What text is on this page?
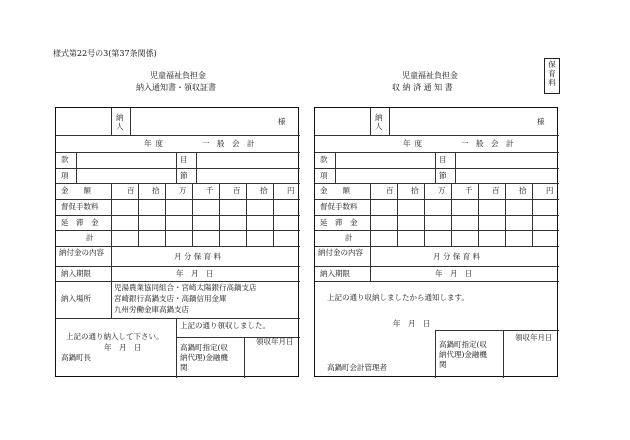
様式第22号の3(第37条関係)
保
育
料
児童福祉負担金
納入通知書・領収証書
納人
様
年度	一　般　会　計
款	目
項	節
金　　額	百 拾	万	千	百	拾	円
督促手数料
延　滞　金
計
納付金の内容	月 分 保 育 料
納入期限	年　月　日
納入場所
児湯農業協同組合・宮崎太陽銀行高鍋支店
宮崎銀行高鍋支店・高鍋信用金庫
九州労働金庫高鍋支店
上記の通り納入して下さい。
年　月　日
高鍋町長
上記の通り領収しました。
領収年月日
高鍋町指定(収
納代理)金融機
関
児童福祉負担金
収 納 済 通 知 書
納人
様
年度	一　般　会　計
款	目
項	節
金　　額	百 拾	万	千	百	拾	円
督促手数料
延　滞　金
計
納付金の内容	月 分 保 育 料
納入期限	年　月　日
上記の通り収納しましたから通知します。
年　月　日
領収年月日
高鍋町指定(収
納代理)金融機
関
高鍋町会計管理者
